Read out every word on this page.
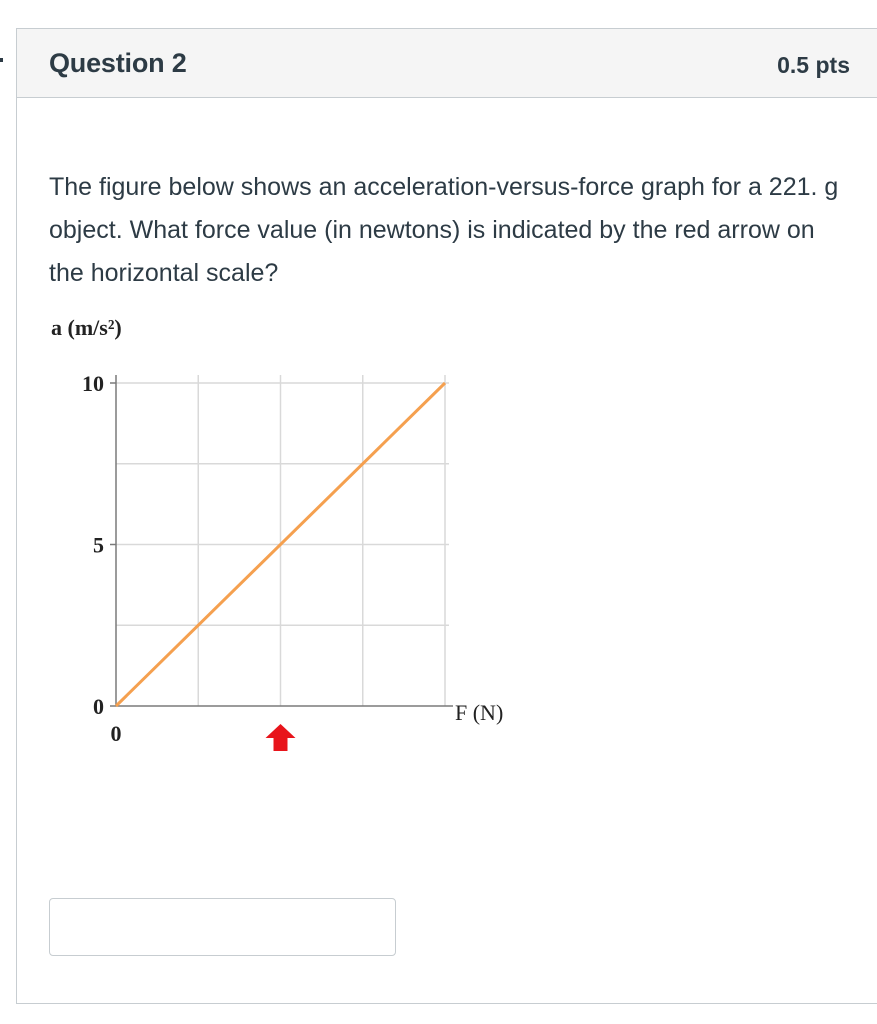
Question 2	0.5 pts
The figure below shows an acceleration-versus-force graph for a 221. g object. What force value (in newtons) is indicated by the red arrow on the horizontal scale?
a (m/s²)
0
5
10
0
F (N)
